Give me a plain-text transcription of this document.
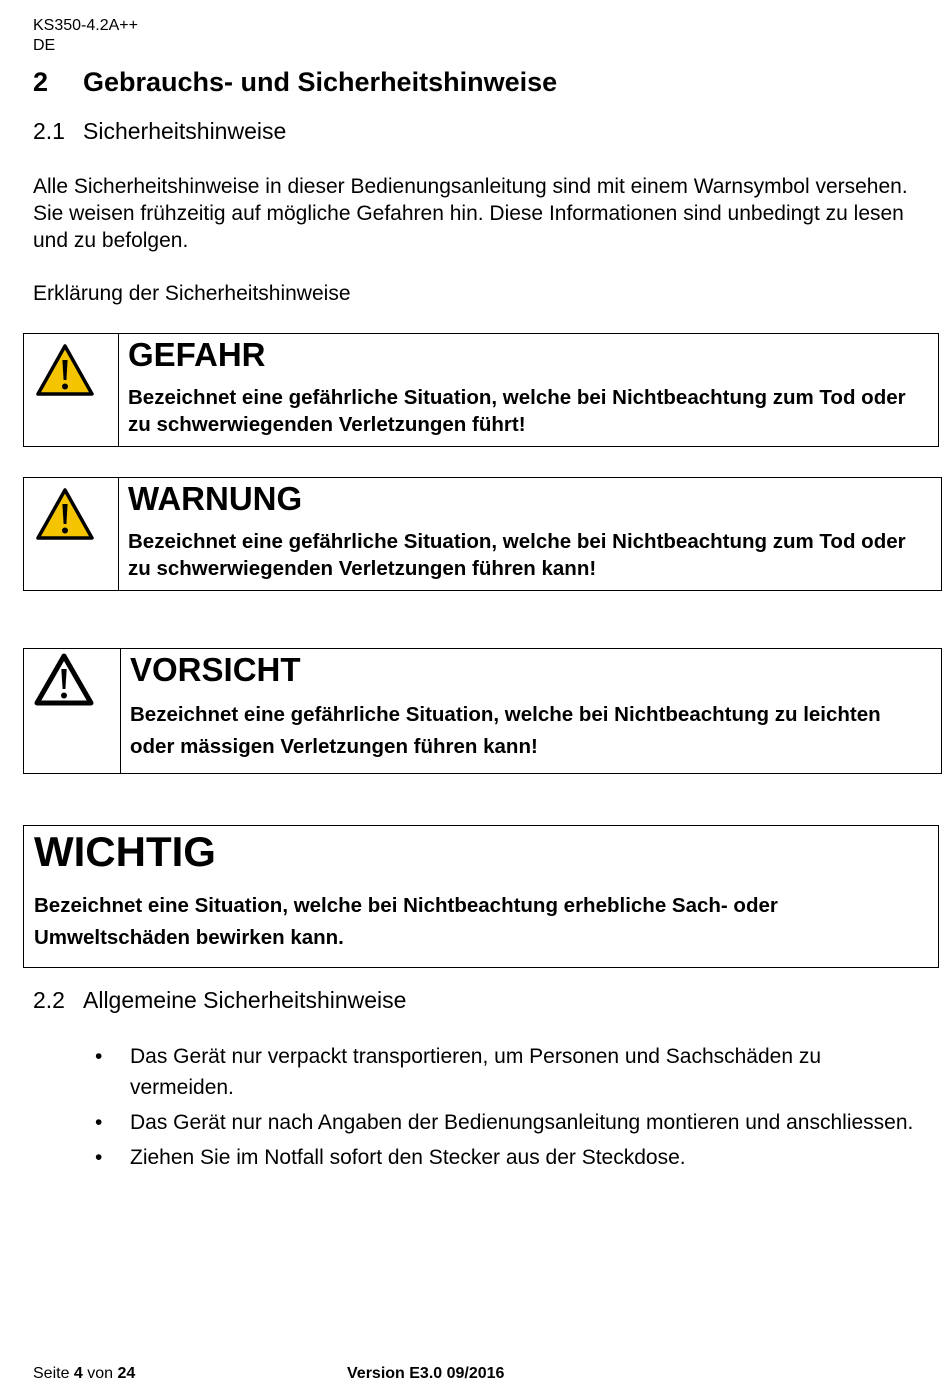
KS350-4.2A++
DE
2 Gebrauchs- und Sicherheitshinweise
2.1 Sicherheitshinweise
Alle Sicherheitshinweise in dieser Bedienungsanleitung sind mit einem Warnsymbol versehen. Sie weisen frühzeitig auf mögliche Gefahren hin. Diese Informationen sind unbedingt zu lesen und zu befolgen.
Erklärung der Sicherheitshinweise
GEFAHR
Bezeichnet eine gefährliche Situation, welche bei Nichtbeachtung zum Tod oder zu schwerwiegenden Verletzungen führt!
WARNUNG
Bezeichnet eine gefährliche Situation, welche bei Nichtbeachtung zum Tod oder zu schwerwiegenden Verletzungen führen kann!
VORSICHT
Bezeichnet eine gefährliche Situation, welche bei Nichtbeachtung zu leichten oder mässigen Verletzungen führen kann!
WICHTIG
Bezeichnet eine Situation, welche bei Nichtbeachtung erhebliche Sach- oder Umweltschäden bewirken kann.
2.2 Allgemeine Sicherheitshinweise
• Das Gerät nur verpackt transportieren, um Personen und Sachschäden zu vermeiden.
• Das Gerät nur nach Angaben der Bedienungsanleitung montieren und anschliessen.
• Ziehen Sie im Notfall sofort den Stecker aus der Steckdose.
Seite 4 von 24	Version E3.0 09/2016
